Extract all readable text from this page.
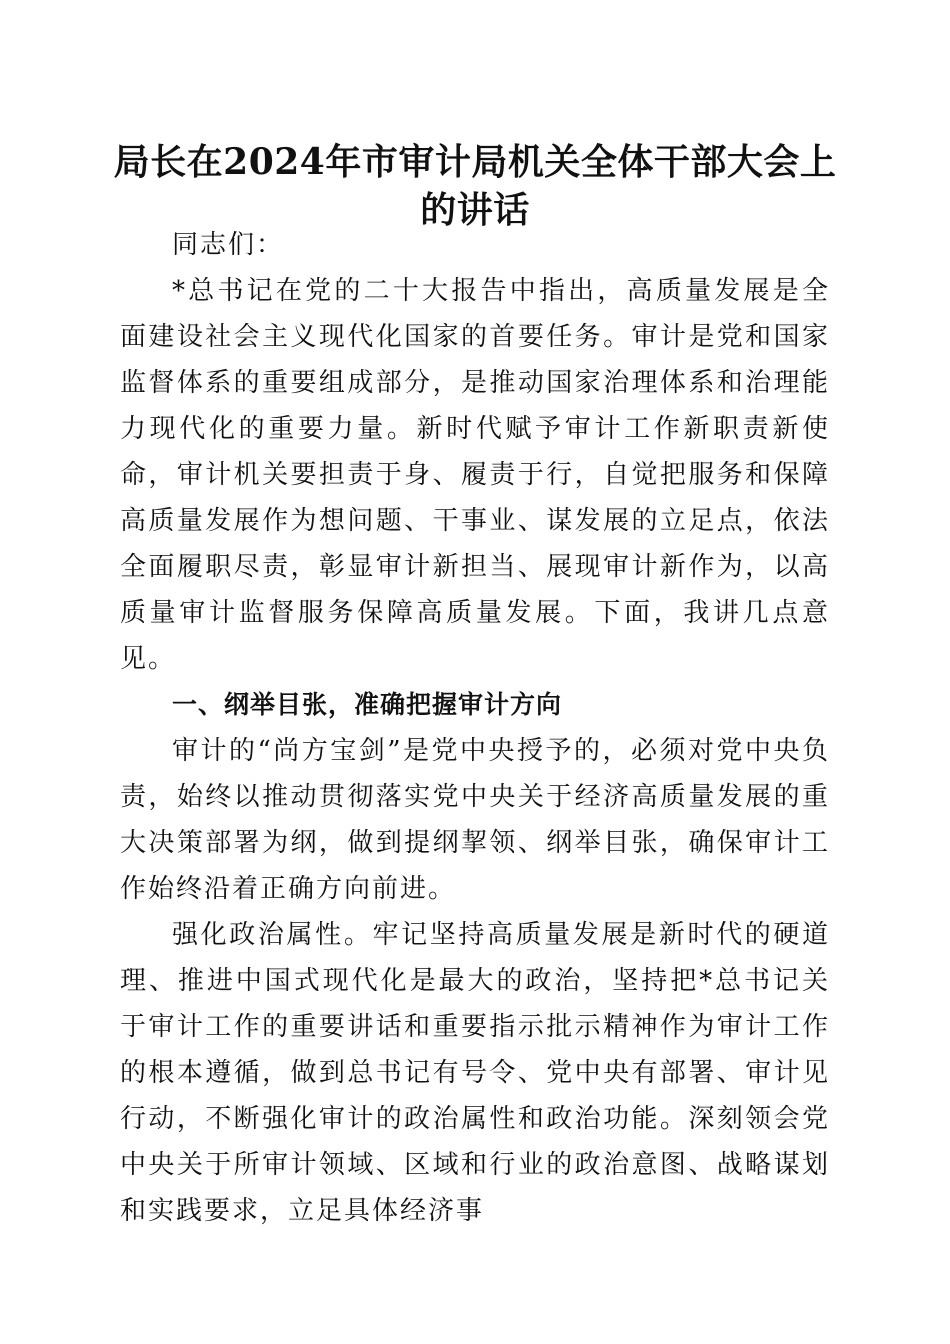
局长在2024年市审计局机关全体干部大会上
的讲话

同志们：

*总书记在党的二十大报告中指出，高质量发展是全面建设社会主义现代化国家的首要任务。审计是党和国家监督体系的重要组成部分，是推动国家治理体系和治理能力现代化的重要力量。新时代赋予审计工作新职责新使命，审计机关要担责于身、履责于行，自觉把服务和保障高质量发展作为想问题、干事业、谋发展的立足点，依法全面履职尽责，彰显审计新担当、展现审计新作为，以高质量审计监督服务保障高质量发展。下面，我讲几点意见。

一、纲举目张，准确把握审计方向

审计的“尚方宝剑”是党中央授予的，必须对党中央负责，始终以推动贯彻落实党中央关于经济高质量发展的重大决策部署为纲，做到提纲挈领、纲举目张，确保审计工作始终沿着正确方向前进。

强化政治属性。牢记坚持高质量发展是新时代的硬道理、推进中国式现代化是最大的政治，坚持把*总书记关于审计工作的重要讲话和重要指示批示精神作为审计工作的根本遵循，做到总书记有号令、党中央有部署、审计见行动，不断强化审计的政治属性和政治功能。深刻领会党中央关于所审计领域、区域和行业的政治意图、战略谋划和实践要求，立足具体经济事
